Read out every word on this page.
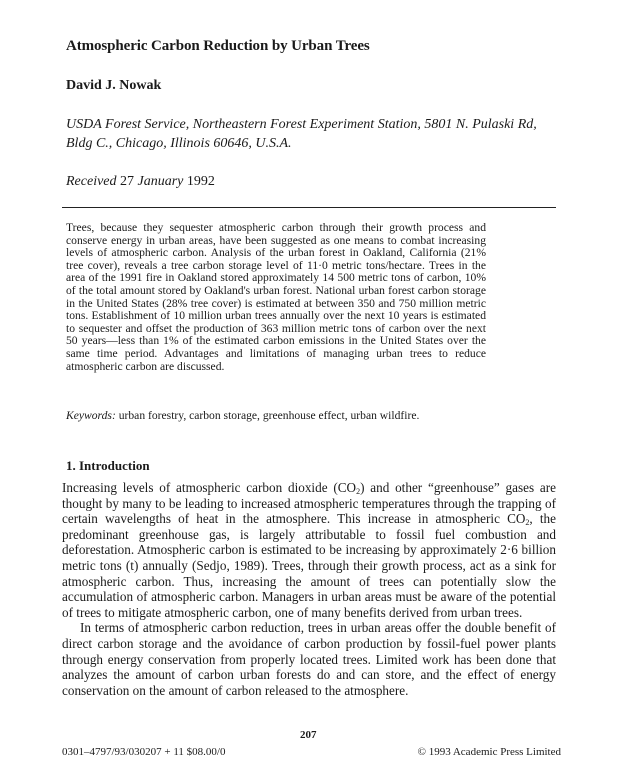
Atmospheric Carbon Reduction by Urban Trees

David J. Nowak

USDA Forest Service, Northeastern Forest Experiment Station, 5801 N. Pulaski Rd, Bldg C., Chicago, Illinois 60646, U.S.A.

Received 27 January 1992

Trees, because they sequester atmospheric carbon through their growth process and conserve energy in urban areas, have been suggested as one means to combat increasing levels of atmospheric carbon. Analysis of the urban forest in Oakland, California (21% tree cover), reveals a tree carbon storage level of 11·0 metric tons/hectare. Trees in the area of the 1991 fire in Oakland stored approximately 14 500 metric tons of carbon, 10% of the total amount stored by Oakland's urban forest. National urban forest carbon storage in the United States (28% tree cover) is estimated at between 350 and 750 million metric tons. Establishment of 10 million urban trees annually over the next 10 years is estimated to sequester and offset the production of 363 million metric tons of carbon over the next 50 years—less than 1% of the estimated carbon emissions in the United States over the same time period. Advantages and limitations of managing urban trees to reduce atmospheric carbon are discussed.

Keywords: urban forestry, carbon storage, greenhouse effect, urban wildfire.

1. Introduction

Increasing levels of atmospheric carbon dioxide $(CO_2)$ and other “greenhouse” gases are thought by many to be leading to increased atmospheric temperatures through the trapping of certain wavelengths of heat in the atmosphere. This increase in atmospheric $CO_2$, the predominant greenhouse gas, is largely attributable to fossil fuel combustion and deforestation. Atmospheric carbon is estimated to be increasing by approximately 2·6 billion metric tons (t) annually (Sedjo, 1989). Trees, through their growth process, act as a sink for atmospheric carbon. Thus, increasing the amount of trees can potentially slow the accumulation of atmospheric carbon. Managers in urban areas must be aware of the potential of trees to mitigate atmospheric carbon, one of many benefits derived from urban trees.

In terms of atmospheric carbon reduction, trees in urban areas offer the double benefit of direct carbon storage and the avoidance of carbon production by fossil-fuel power plants through energy conservation from properly located trees. Limited work has been done that analyzes the amount of carbon urban forests do and can store, and the effect of energy conservation on the amount of carbon released to the atmosphere.

207

0301–4797/93/030207 + 11 $08.00/0	© 1993 Academic Press Limited
